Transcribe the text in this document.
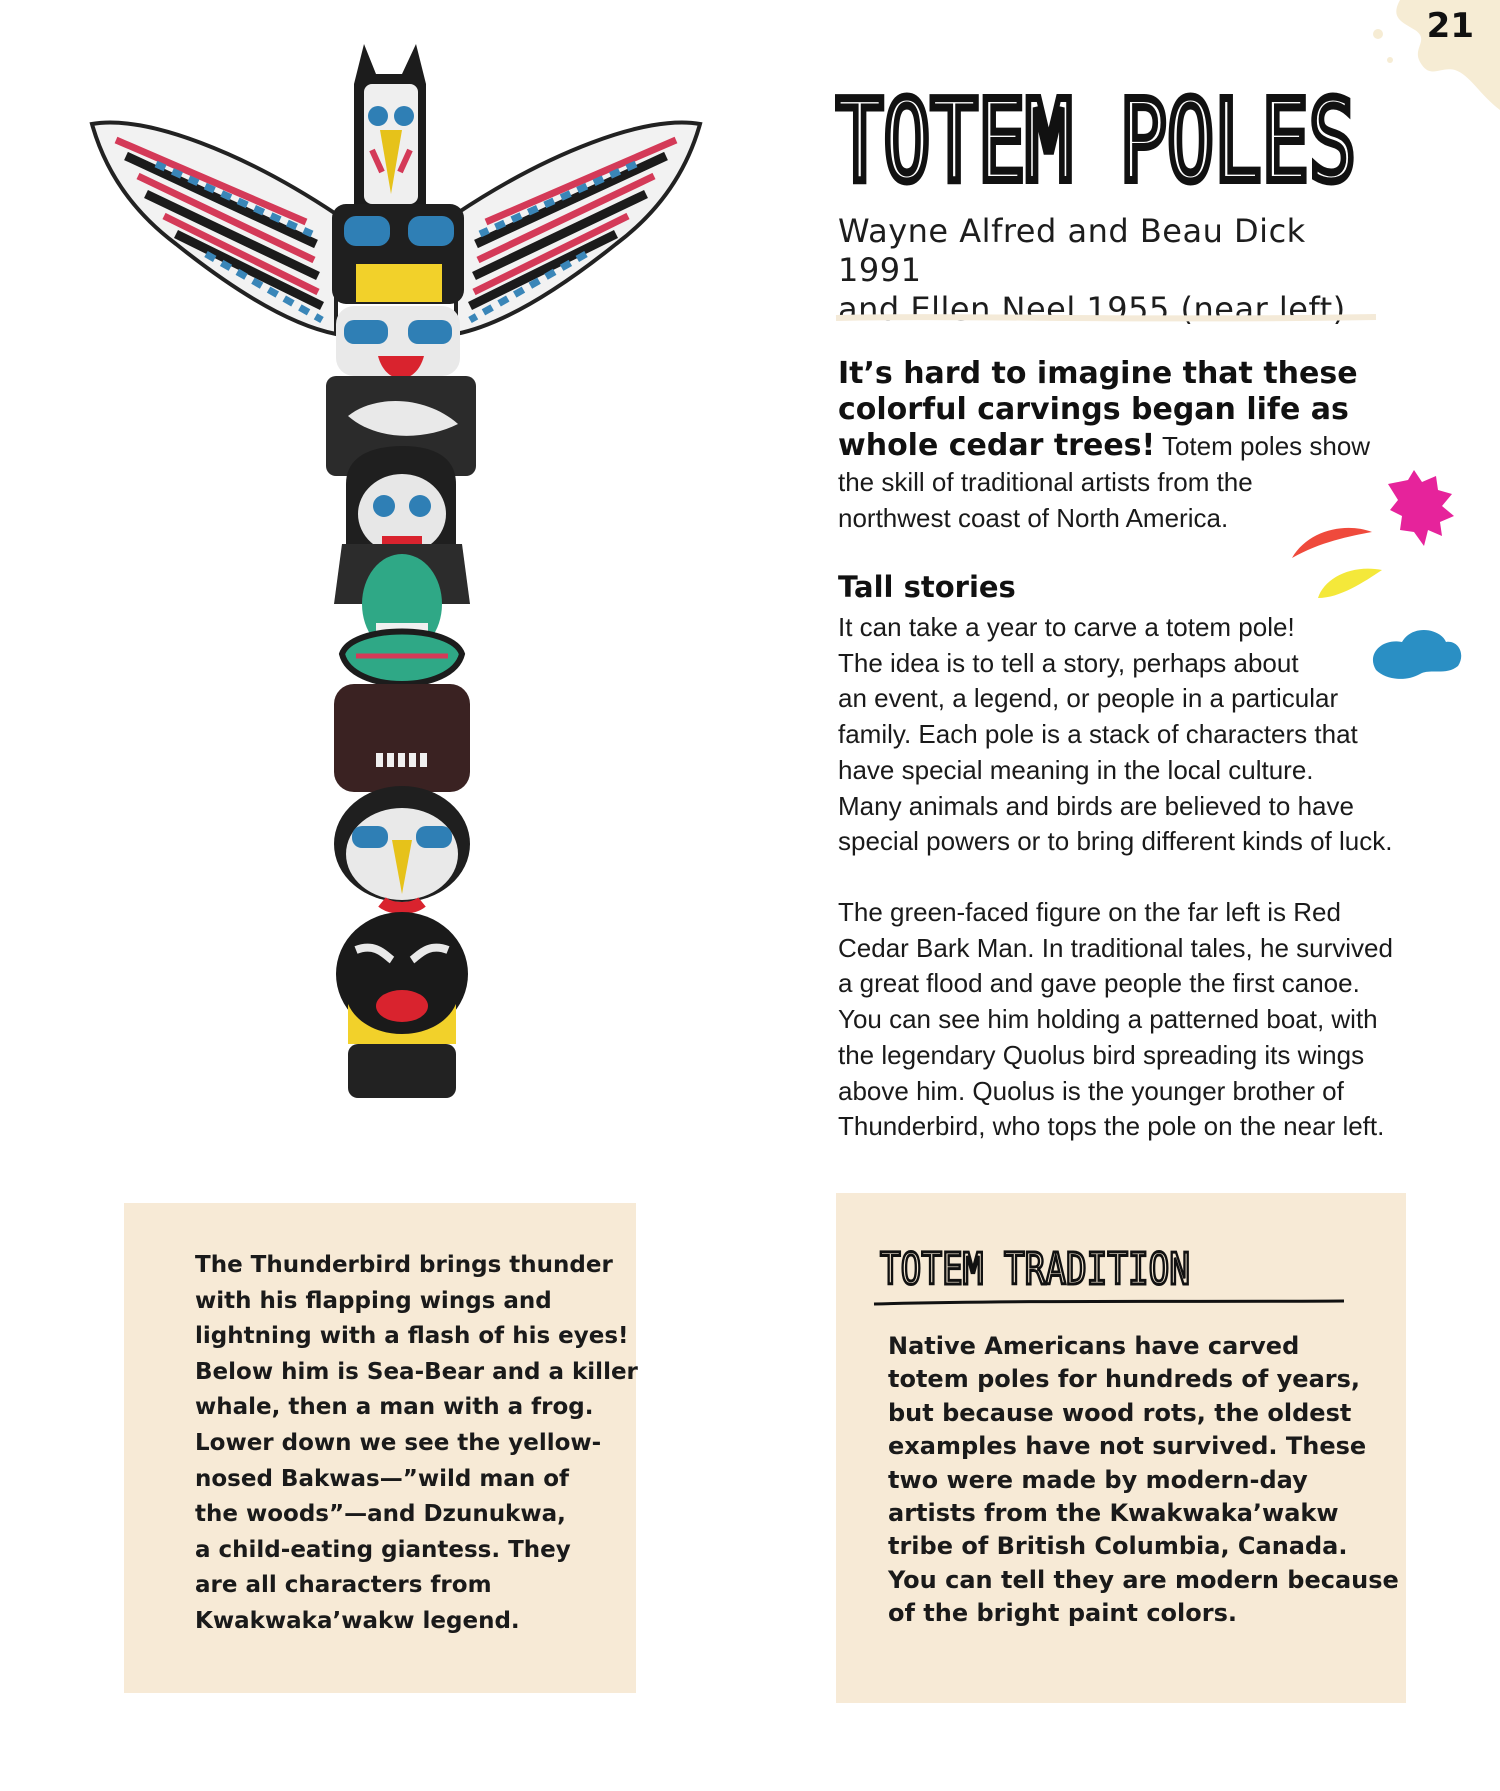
21
TOTEM POLES
Wayne Alfred and Beau Dick 1991
and Ellen Neel 1955 (near left)
It’s hard to imagine that these
colorful carvings began life as
whole cedar trees! Totem poles show
the skill of traditional artists from the
northwest coast of North America.
Tall stories
It can take a year to carve a totem pole!
The idea is to tell a story, perhaps about
an event, a legend, or people in a particular
family. Each pole is a stack of characters that
have special meaning in the local culture.
Many animals and birds are believed to have
special powers or to bring different kinds of luck.
The green-faced figure on the far left is Red
Cedar Bark Man. In traditional tales, he survived
a great flood and gave people the first canoe.
You can see him holding a patterned boat, with
the legendary Quolus bird spreading its wings
above him. Quolus is the younger brother of
Thunderbird, who tops the pole on the near left.
The Thunderbird brings thunder
with his flapping wings and
lightning with a flash of his eyes!
Below him is Sea-Bear and a killer
whale, then a man with a frog.
Lower down we see the yellow-
nosed Bakwas—”wild man of
the woods”—and Dzunukwa,
a child-eating giantess. They
are all characters from
Kwakwaka’wakw legend.
TOTEM TRADITION
Native Americans have carved
totem poles for hundreds of years,
but because wood rots, the oldest
examples have not survived. These
two were made by modern-day
artists from the Kwakwaka’wakw
tribe of British Columbia, Canada.
You can tell they are modern because
of the bright paint colors.
